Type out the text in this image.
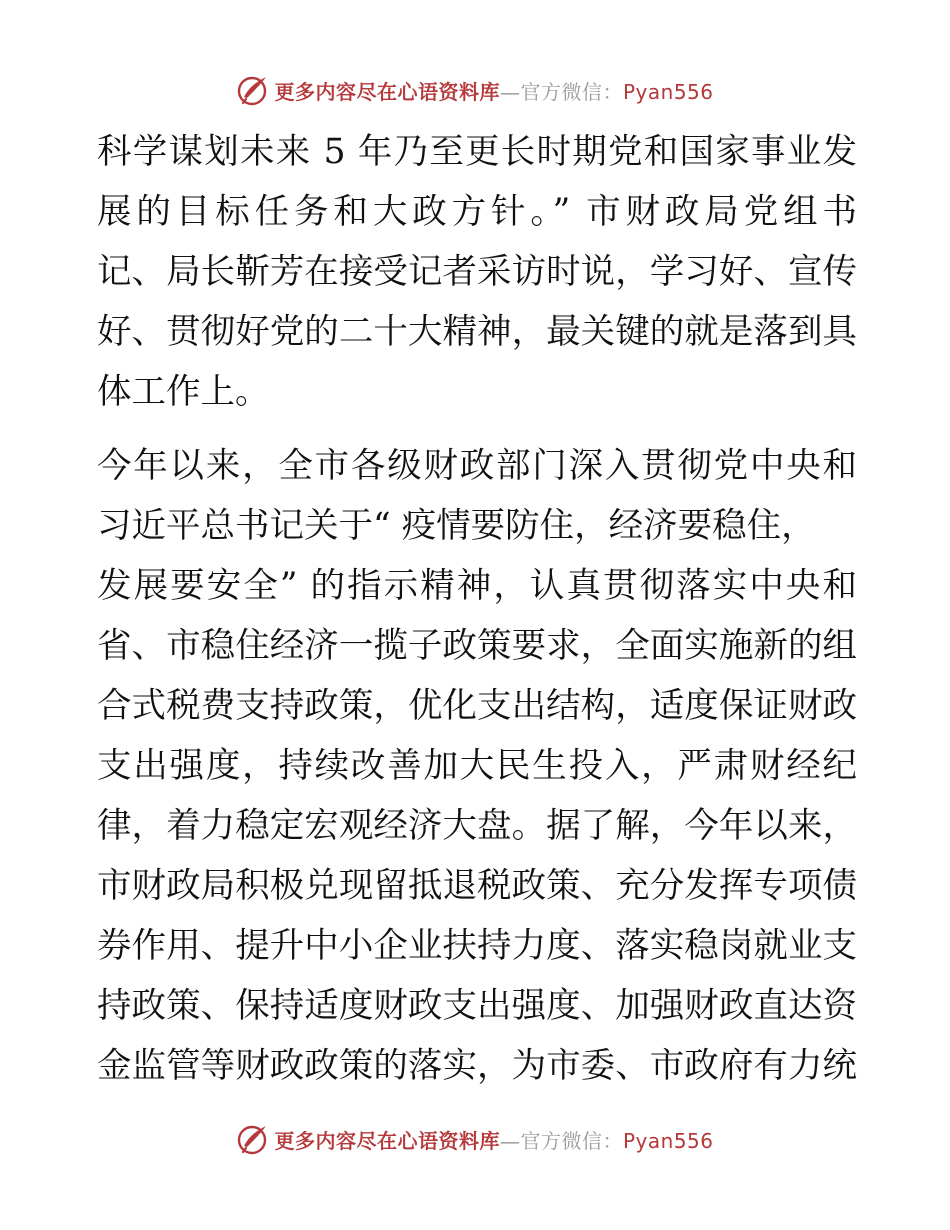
更多内容尽在心语资料库—官方微信：Pyan556
科学谋划未来 5 年乃至更长时期党和国家事业发
展的目标任务和大政方针。” 市财政局党组书
记、局长靳芳在接受记者采访时说，学习好、宣传
好、贯彻好党的二十大精神，最关键的就是落到具
体工作上。
今年以来，全市各级财政部门深入贯彻党中央和
习近平总书记关于“ 疫情要防住，经济要稳住，
发展要安全” 的指示精神，认真贯彻落实中央和
省、市稳住经济一揽子政策要求，全面实施新的组
合式税费支持政策，优化支出结构，适度保证财政
支出强度，持续改善加大民生投入，严肃财经纪
律，着力稳定宏观经济大盘。据了解，今年以来，
市财政局积极兑现留抵退税政策、充分发挥专项债
券作用、提升中小企业扶持力度、落实稳岗就业支
持政策、保持适度财政支出强度、加强财政直达资
金监管等财政政策的落实，为市委、市政府有力统
更多内容尽在心语资料库—官方微信：Pyan556
